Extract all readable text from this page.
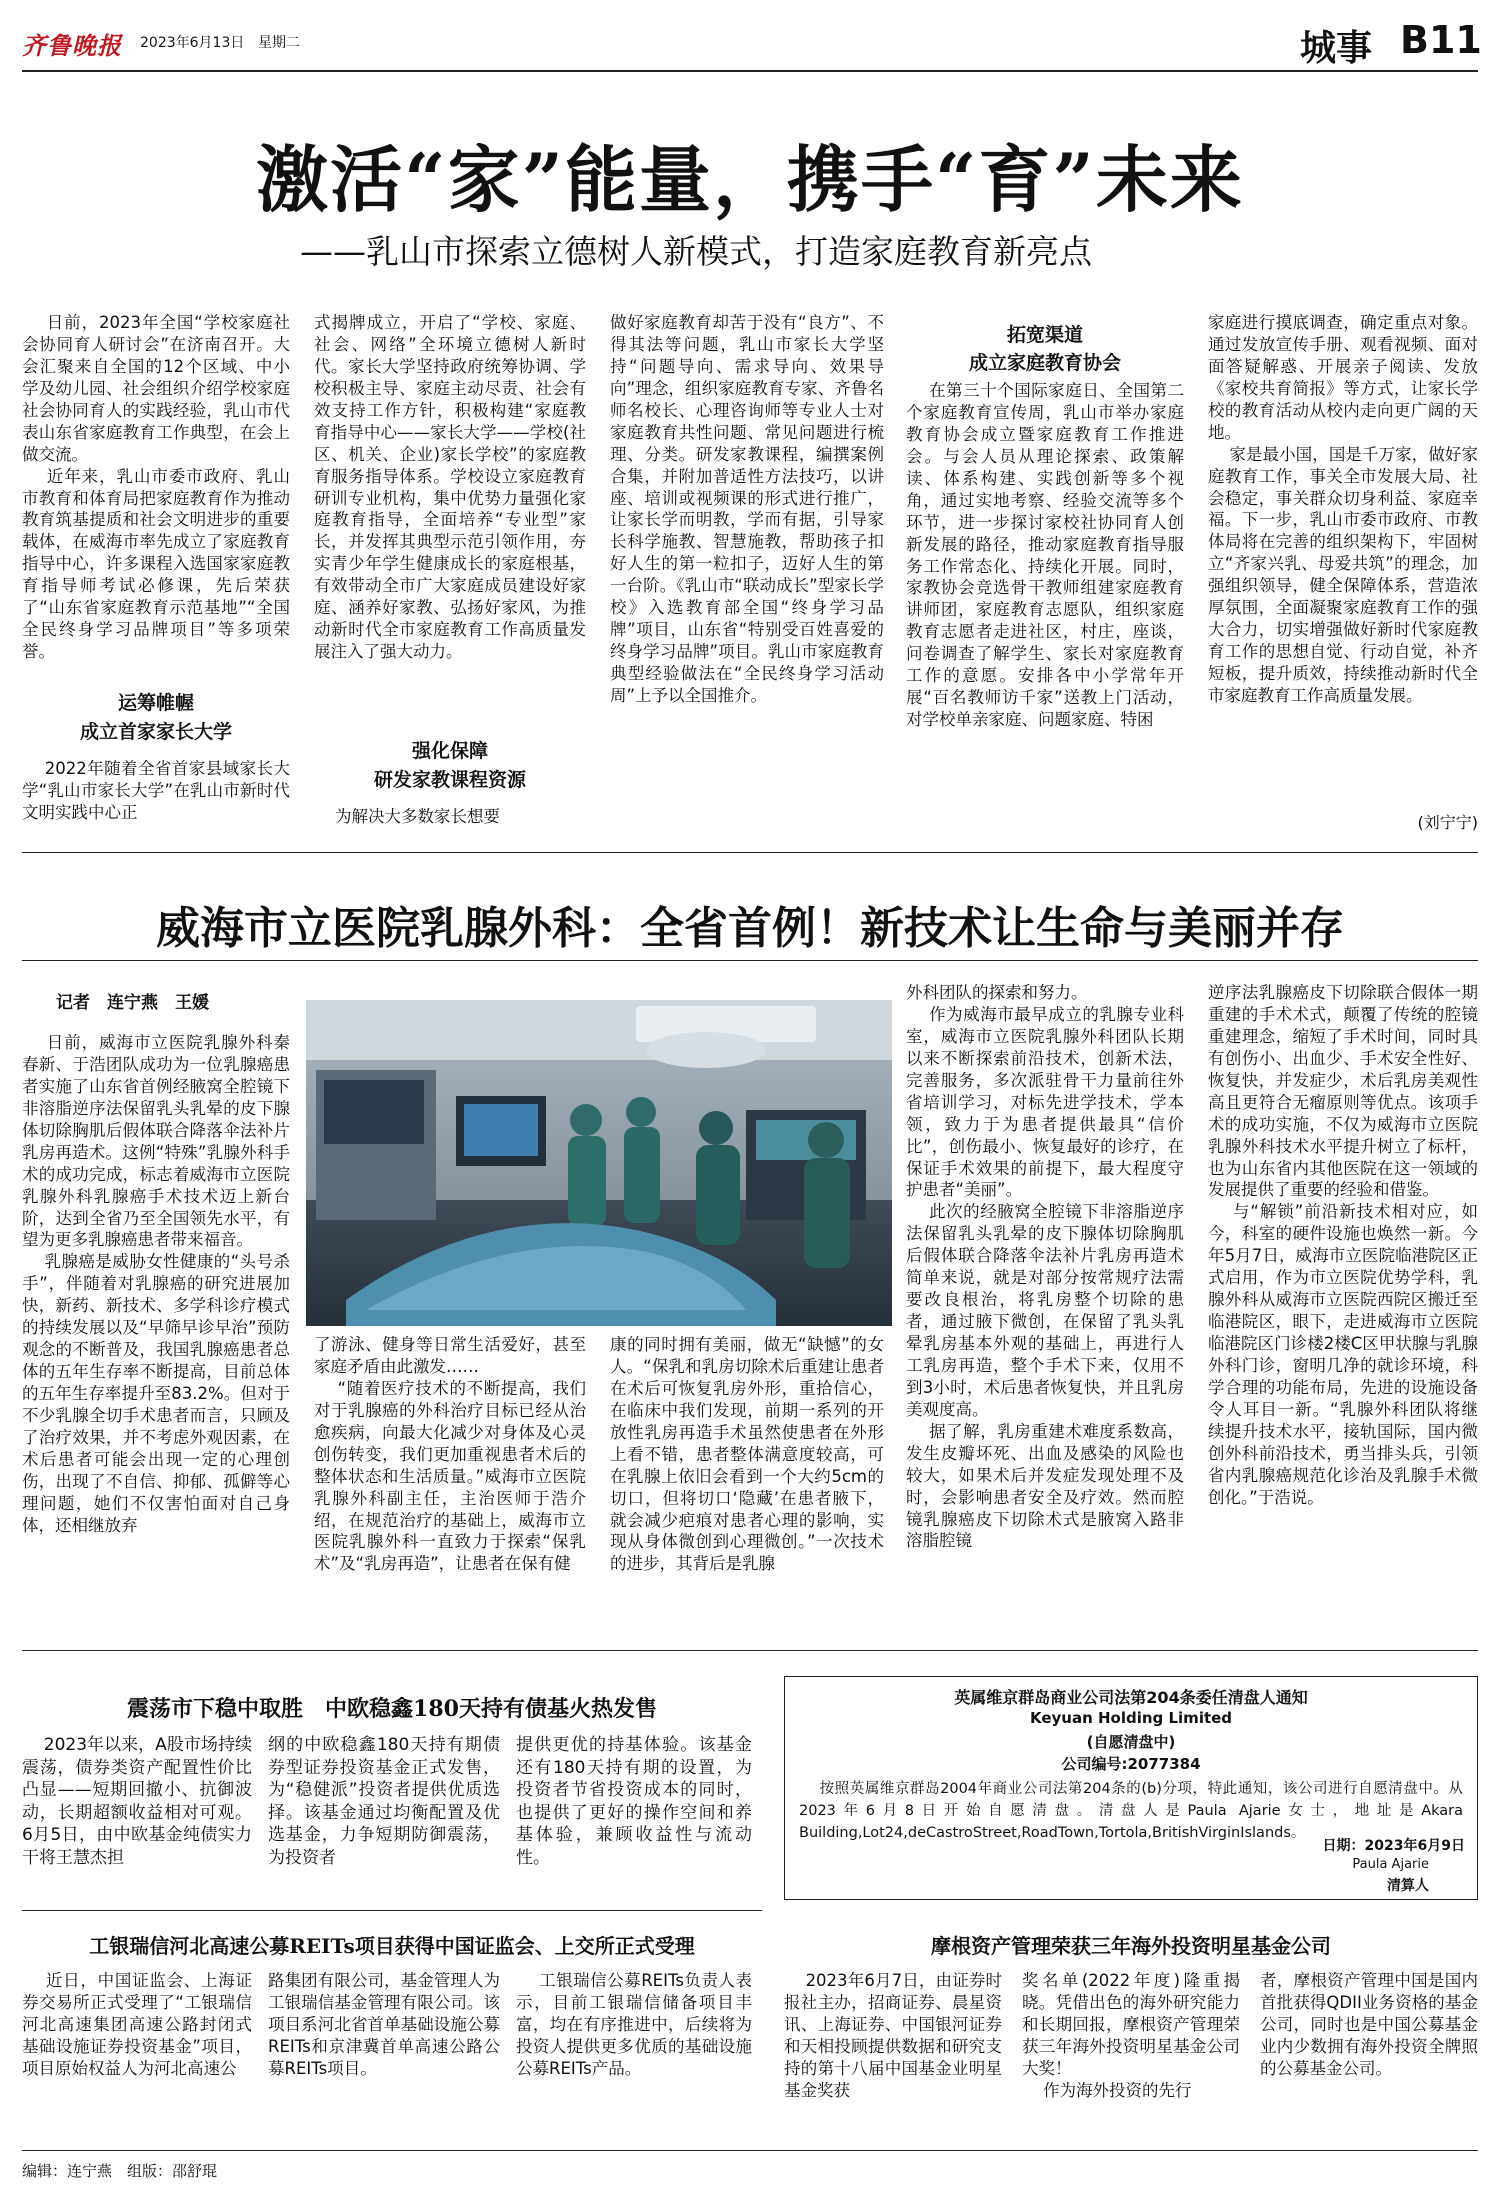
齐鲁晚报 2023年6月13日 星期二	城事 B11
激活“家”能量，携手“育”未来
——乳山市探索立德树人新模式，打造家庭教育新亮点
日前，2023年全国“学校家庭社会协同育人研讨会”在济南召开。大会汇聚来自全国的12个区域、中小学及幼儿园、社会组织介绍学校家庭社会协同育人的实践经验，乳山市代表山东省家庭教育工作典型，在会上做交流。
近年来，乳山市委市政府、乳山市教育和体育局把家庭教育作为推动教育筑基提质和社会文明进步的重要载体，在威海市率先成立了家庭教育指导中心，许多课程入选国家家庭教育指导师考试必修课，先后荣获了“山东省家庭教育示范基地”“全国全民终身学习品牌项目”等多项荣誉。
运筹帷幄
成立首家家长大学
2022年随着全省首家县域家长大学“乳山市家长大学”在乳山市新时代文明实践中心正
式揭牌成立，开启了“学校、家庭、社会、网络”全环境立德树人新时代。家长大学坚持政府统筹协调、学校积极主导、家庭主动尽责、社会有效支持工作方针，积极构建“家庭教育指导中心——家长大学——学校(社区、机关、企业)家长学校”的家庭教育服务指导体系。学校设立家庭教育研训专业机构，集中优势力量强化家庭教育指导，全面培养“专业型”家长，并发挥其典型示范引领作用，夯实青少年学生健康成长的家庭根基，有效带动全市广大家庭成员建设好家庭、涵养好家教、弘扬好家风，为推动新时代全市家庭教育工作高质量发展注入了强大动力。
强化保障
研发家教课程资源
为解决大多数家长想要
做好家庭教育却苦于没有“良方”、不得其法等问题，乳山市家长大学坚持“问题导向、需求导向、效果导向”理念，组织家庭教育专家、齐鲁名师名校长、心理咨询师等专业人士对家庭教育共性问题、常见问题进行梳理、分类。研发家教课程，编撰案例合集，并附加普适性方法技巧，以讲座、培训或视频课的形式进行推广，让家长学而明教，学而有据，引导家长科学施教、智慧施教，帮助孩子扣好人生的第一粒扣子，迈好人生的第一台阶。《乳山市“联动成长”型家长学校》入选教育部全国“终身学习品牌”项目，山东省“特别受百姓喜爱的终身学习品牌”项目。乳山市家庭教育典型经验做法在“全民终身学习活动周”上予以全国推介。
拓宽渠道
成立家庭教育协会
在第三十个国际家庭日、全国第二个家庭教育宣传周，乳山市举办家庭教育协会成立暨家庭教育工作推进会。与会人员从理论探索、政策解读、体系构建、实践创新等多个视角，通过实地考察、经验交流等多个环节，进一步探讨家校社协同育人创新发展的路径，推动家庭教育指导服务工作常态化、持续化开展。同时，家教协会竞选骨干教师组建家庭教育讲师团，家庭教育志愿队，组织家庭教育志愿者走进社区，村庄，座谈，问卷调查了解学生、家长对家庭教育工作的意愿。安排各中小学常年开展“百名教师访千家”送教上门活动，对学校单亲家庭、问题家庭、特困
家庭进行摸底调查，确定重点对象。通过发放宣传手册、观看视频、面对面答疑解惑、开展亲子阅读、发放《家校共育简报》等方式，让家长学校的教育活动从校内走向更广阔的天地。
家是最小国，国是千万家，做好家庭教育工作，事关全市发展大局、社会稳定，事关群众切身利益、家庭幸福。下一步，乳山市委市政府、市教体局将在完善的组织架构下，牢固树立“齐家兴乳、母爱共筑”的理念，加强组织领导，健全保障体系，营造浓厚氛围，全面凝聚家庭教育工作的强大合力，切实增强做好新时代家庭教育工作的思想自觉、行动自觉，补齐短板，提升质效，持续推动新时代全市家庭教育工作高质量发展。
(刘宁宁)
威海市立医院乳腺外科：全省首例！新技术让生命与美丽并存
记者　连宁燕　王媛
日前，威海市立医院乳腺外科秦春新、于浩团队成功为一位乳腺癌患者实施了山东省首例经腋窝全腔镜下非溶脂逆序法保留乳头乳晕的皮下腺体切除胸肌后假体联合降落伞法补片乳房再造术。这例“特殊”乳腺外科手术的成功完成，标志着威海市立医院乳腺外科乳腺癌手术技术迈上新台阶，达到全省乃至全国领先水平，有望为更多乳腺癌患者带来福音。
乳腺癌是威胁女性健康的“头号杀手”，伴随着对乳腺癌的研究进展加快，新药、新技术、多学科诊疗模式的持续发展以及“早筛早诊早治”预防观念的不断普及，我国乳腺癌患者总体的五年生存率不断提高，目前总体的五年生存率提升至83.2%。但对于不少乳腺全切手术患者而言，只顾及了治疗效果，并不考虑外观因素，在术后患者可能会出现一定的心理创伤，出现了不自信、抑郁、孤僻等心理问题，她们不仅害怕面对自己身体，还相继放弃
了游泳、健身等日常生活爱好，甚至家庭矛盾由此激发……
“随着医疗技术的不断提高，我们对于乳腺癌的外科治疗目标已经从治愈疾病，向最大化减少对身体及心灵创伤转变，我们更加重视患者术后的整体状态和生活质量。”威海市立医院乳腺外科副主任，主治医师于浩介绍，在规范治疗的基础上，威海市立医院乳腺外科一直致力于探索“保乳术”及“乳房再造”，让患者在保有健
康的同时拥有美丽，做无“缺憾”的女人。“保乳和乳房切除术后重建让患者在术后可恢复乳房外形，重拾信心，在临床中我们发现，前期一系列的开放性乳房再造手术虽然使患者在外形上看不错，患者整体满意度较高，可在乳腺上依旧会看到一个大约5cm的切口，但将切口‘隐藏’在患者腋下，就会减少疤痕对患者心理的影响，实现从身体微创到心理微创。”一次技术的进步，其背后是乳腺
外科团队的探索和努力。
作为威海市最早成立的乳腺专业科室，威海市立医院乳腺外科团队长期以来不断探索前沿技术，创新术法，完善服务，多次派驻骨干力量前往外省培训学习，对标先进学技术，学本领，致力于为患者提供最具“信价比”，创伤最小、恢复最好的诊疗，在保证手术效果的前提下，最大程度守护患者“美丽”。
此次的经腋窝全腔镜下非溶脂逆序法保留乳头乳晕的皮下腺体切除胸肌后假体联合降落伞法补片乳房再造术简单来说，就是对部分按常规疗法需要改良根治，将乳房整个切除的患者，通过腋下微创，在保留了乳头乳晕乳房基本外观的基础上，再进行人工乳房再造，整个手术下来，仅用不到3小时，术后患者恢复快，并且乳房美观度高。
据了解，乳房重建术难度系数高，发生皮瓣坏死、出血及感染的风险也较大，如果术后并发症发现处理不及时，会影响患者安全及疗效。然而腔镜乳腺癌皮下切除术式是腋窝入路非溶脂腔镜
逆序法乳腺癌皮下切除联合假体一期重建的手术术式，颠覆了传统的腔镜重建理念，缩短了手术时间，同时具有创伤小、出血少、手术安全性好、恢复快，并发症少，术后乳房美观性高且更符合无瘤原则等优点。该项手术的成功实施，不仅为威海市立医院乳腺外科技术水平提升树立了标杆，也为山东省内其他医院在这一领域的发展提供了重要的经验和借鉴。
与“解锁”前沿新技术相对应，如今，科室的硬件设施也焕然一新。今年5月7日，威海市立医院临港院区正式启用，作为市立医院优势学科，乳腺外科从威海市立医院西院区搬迁至临港院区，眼下，走进威海市立医院临港院区门诊楼2楼C区甲状腺与乳腺外科门诊，窗明几净的就诊环境，科学合理的功能布局，先进的设施设备令人耳目一新。“乳腺外科团队将继续提升技术水平，接轨国际，国内微创外科前沿技术，勇当排头兵，引领省内乳腺癌规范化诊治及乳腺手术微创化。”于浩说。
震荡市下稳中取胜　中欧稳鑫180天持有债基火热发售
2023年以来，A股市场持续震荡，债券类资产配置性价比凸显——短期回撤小、抗御波动，长期超额收益相对可观。6月5日，由中欧基金纯债实力干将王慧杰担
纲的中欧稳鑫180天持有期债券型证券投资基金正式发售，为“稳健派”投资者提供优质选择。该基金通过均衡配置及优选基金，力争短期防御震荡，为投资者
提供更优的持基体验。该基金还有180天持有期的设置，为投资者节省投资成本的同时，也提供了更好的操作空间和养基体验，兼顾收益性与流动性。
英属维京群岛商业公司法第204条委任清盘人通知
Keyuan Holding Limited
(自愿清盘中)
公司编号:2077384
按照英属维京群岛2004年商业公司法第204条的(b)分项，特此通知，该公司进行自愿清盘中。从2023年6月8日开始自愿清盘。清盘人是Paula Ajarie女士，地址是Akara Building,Lot24,deCastroStreet,RoadTown,Tortola,BritishVirginIslands。
日期：2023年6月9日
Paula Ajarie
清算人
工银瑞信河北高速公募REITs项目获得中国证监会、上交所正式受理
近日，中国证监会、上海证券交易所正式受理了“工银瑞信河北高速集团高速公路封闭式基础设施证券投资基金”项目，项目原始权益人为河北高速公
路集团有限公司，基金管理人为工银瑞信基金管理有限公司。该项目系河北省首单基础设施公募REITs和京津冀首单高速公路公募REITs项目。
工银瑞信公募REITs负责人表示，目前工银瑞信储备项目丰富，均在有序推进中，后续将为投资人提供更多优质的基础设施公募REITs产品。
摩根资产管理荣获三年海外投资明星基金公司
2023年6月7日，由证券时报社主办，招商证券、晨星资讯、上海证券、中国银河证券和天相投顾提供数据和研究支持的第十八届中国基金业明星基金奖获
奖名单(2022年度)隆重揭晓。凭借出色的海外研究能力和长期回报，摩根资产管理荣获三年海外投资明星基金公司大奖！
作为海外投资的先行
者，摩根资产管理中国是国内首批获得QDII业务资格的基金公司，同时也是中国公募基金业内少数拥有海外投资全牌照的公募基金公司。
编辑：连宁燕　组版：邵舒琨
